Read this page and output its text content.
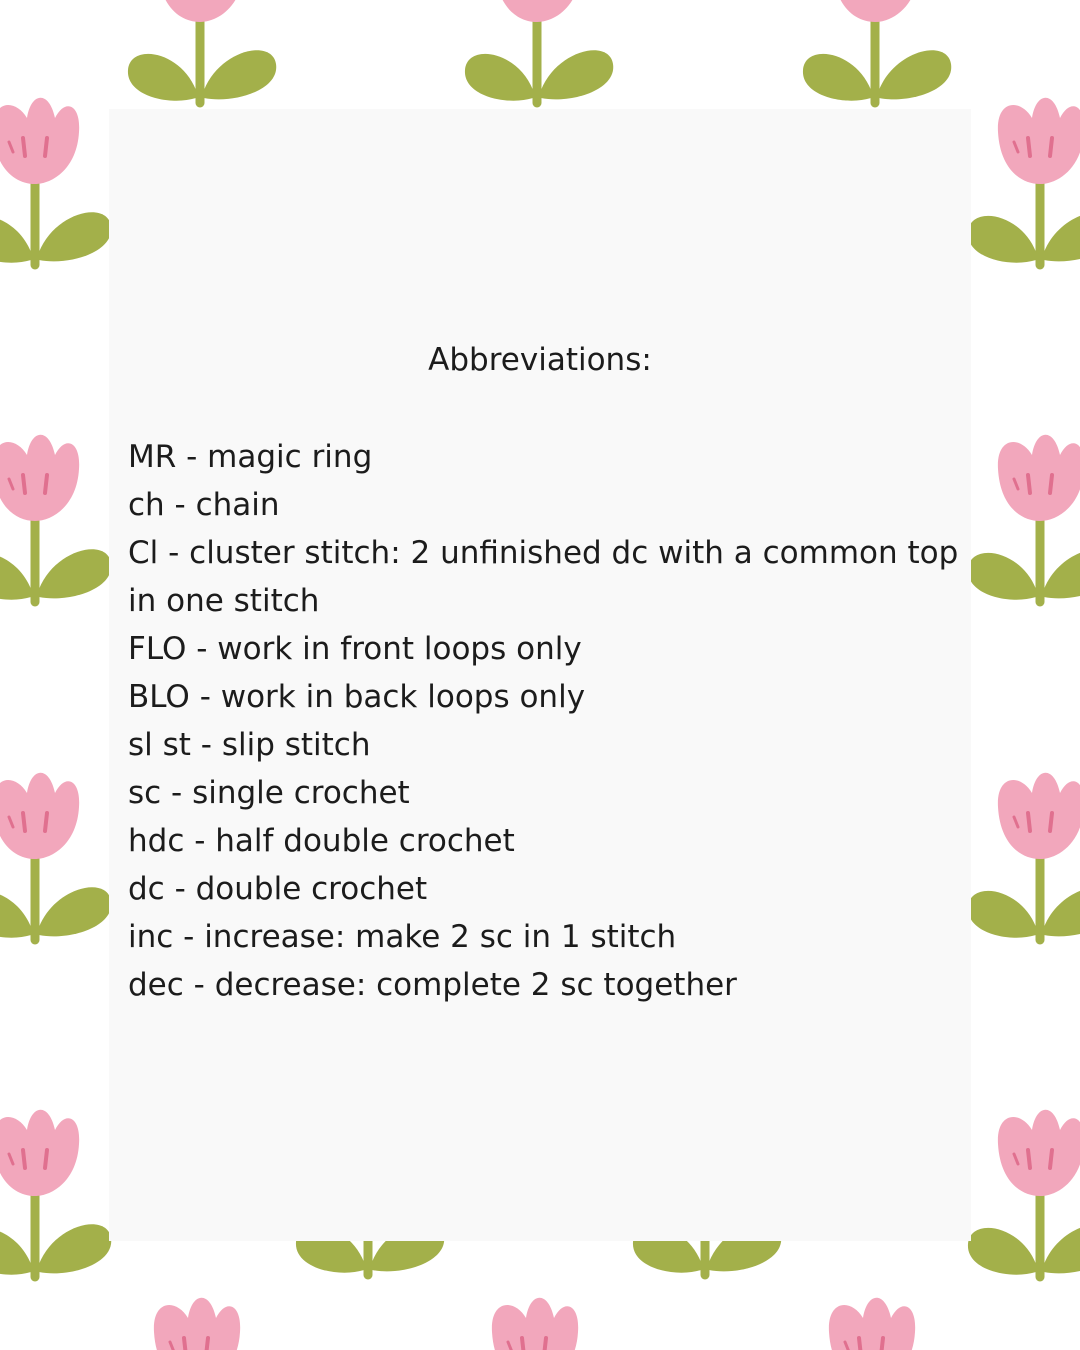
Abbreviations:
MR - magic ring
ch - chain
Cl - cluster stitch: 2 unfinished dc with a common top
in one stitch
FLO - work in front loops only
BLO - work in back loops only
sl st - slip stitch
sc - single crochet
hdc - half double crochet
dc - double crochet
inc - increase: make 2 sc in 1 stitch
dec - decrease: complete 2 sc together
